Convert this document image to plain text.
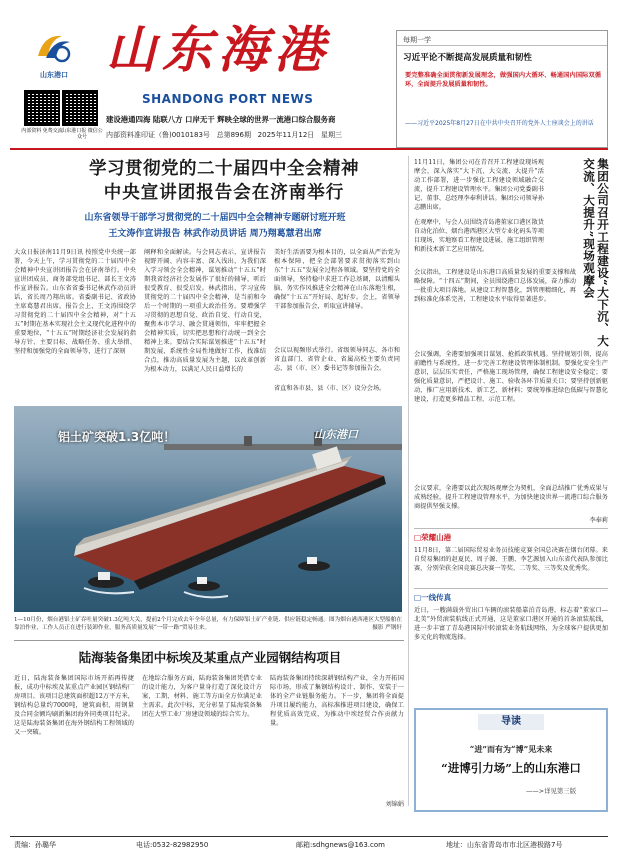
山东港口 山东海港
SHANDONG PORT NEWS
内部资料 免费交流
山东港口报 微信公众号
建设港通四海 陆联八方 口岸无干 辉映全球的世界一流港口综合服务商
内部资料准印证（鲁)0010183号 总第896期 2025年11月12日 星期三
每期一学
习近平论不断提高发展质量和韧性
要完整准确全面贯彻新发展理念，做强国内大循环、畅通国内国际双循环，全面提升发展质量和韧性。
——习近平2025年8月27日在中共中央召开的党外人士座谈会上的讲话
学习贯彻党的二十届四中全会精神
中央宣讲团报告会在济南举行
山东省领导干部学习贯彻党的二十届四中全会精神专题研讨班开班
王文涛作宣讲报告 林武作动员讲话 周乃翔葛慧君出席
大众日报济南11月9日讯 按照党中央统一部署，今天上午，学习贯彻党的二十届四中全会精神中央宣讲团报告会在济南举行。中央宣讲团成员、商务部党组书记、部长王文涛作宣讲报告。山东省省委书记林武作动员讲话，省长周乃翔出席。省委副书记、省政协主席葛慧君出席。报告会上，王文涛围绕学习贯彻党的二十届四中全会精神，对“十五五”时期在基本实现社会主义现代化进程中的重要地位，“十五五”时期经济社会发展的指导方针、主要目标、战略任务、重大举措、坚持和加强党的全面领导等，进行了深刻
阐释和全面解读。与会同志表示，宣讲报告视野开阔、内容丰富、深入浅出，为我们深入学习领会全会精神，谋划推动“十五五”时期我省经济社会发展作了很好的辅导，听后很受教育、很受启发。林武指出，学习宣传贯彻党的二十届四中全会精神，是当前和今后一个时期的一项重大政治任务。要增强学习贯彻的思想自觉、政治自觉、行动自觉，聚焦本市学习、融会贯通领悟，牢牢把握全会精神实质，切实把思想和行动统一到全会精神上来。要结合实际谋划推进“十五五”时期发展，系统性全局性地做好工作，找准结合点，推动高质量发展为主题，以改革创新为根本动力，以满足人民日益增长的
美好生活需要为根本目的，以全面从严治党为根本保障，把全会部署要求贯彻落实到山东“十五五”发展全过程各领域。要坚持党的全面领导，坚持稳中求进工作总基调，以清醒头脑、务实作风推进全会精神在山东落地生根，确保“十五五”开好局、起好步。会上，省领导干部参加报告会，听取宣讲辅导。
会议以视频形式举行。省级领导同志、各市和省直部门、省管企业、省属高校主要负责同志，县（市、区）委书记等参加报告会。
省直和各市县，县（市、区）设分会场。
铝土矿突破1.3亿吨！	山东港口
1—10月份，烟台港铝土矿吞吐量突破1.3亿吨大关，提前2个月完成去年全年总量，有力保障铝土矿产业链、供应链稳定畅通。图为烟台港西港区大型船舶在靠泊作业，工作人员正在进行装卸作业，服务高质量发展“一带一路”贸易往来。	摄影 严钢轩
集团公司召开工程建设“大下沉、大交流、大提升”现场观摩会
11月11日，集团公司在青召开工程建设现场观摩会，深入落实“大下沉、大交流、大提升”活动工作部署，进一步强化工程建设领域融合交流，提升工程建设管理水平。集团公司党委副书记、董事、总经理李奉利讲话。集团公司领导孙志鹏出席。
在观摩中，与会人员围绕青岛港董家口港区散货自动化泊位、烟台港西港区大型专业化码头等项目现场，实地察看工程建设进展、施工组织管理和新技术新工艺应用情况。
会议指出，工程建设是山东港口高质量发展的重要支撑和战略保障。“十四五”期间，全员围绕港口总体发展，奋力推动一批重大项目落地。从建设工程智慧化，到管理精细化，再到标准化体系完善，工程建设水平取得显著进步。
会议强调，全港要加强项目谋划、抢抓政策机遇。坚持规划引领，提高前瞻性与系统性，进一步完善工程建设管理体制机制。要强化安全生产意识，层层压实责任，严格施工现场管理，确保工程建设安全稳定；要强化质量意识，严把设计、施工、验收各环节质量关口；要坚持创新驱动，推广应用新技术、新工艺、新材料；要统筹推进绿色低碳与智慧化建设，打造更多精品工程、示范工程。
会议要求，全港要以此次现场观摩会为契机，全面总结推广优秀成果与成熟经验，提升工程建设管理水平，为加快建设世界一流港口综合服务商提供坚强支撑。
李奉莉
□荣耀山港
11月8日，第二届国际贸易业务员技能竞赛全国总决赛在烟台闭幕。来自贸易集团的赵夏民、周子源、王鹏、李艺源加入山东省代表队参加比赛，分别荣获全国竞赛总决赛一等奖、二等奖、三等奖及优秀奖。
□一线传真
近日，一艘满载外贸出口车辆的滚装船靠泊青岛港，标志着“董家口—北美”外贸滚装航线正式开通，这是董家口港区开通的首条滚装航线，进一步丰富了青岛港国际中转滚装业务航线网络，为全球客户提供更加多元化的物流选择。
陆海装备集团中标埃及某重点产业园钢结构项目
近日，陆海装备集团国际市场开拓再传捷报，成功中标埃及某重点产业园区钢结构厂房项目。该项目总建筑面积超12万平方米，钢结构总量约7000吨，建筑面积、用钢量及合同金额均刷新集团海外同类项目纪录。这是陆海装备集团在海外钢结构工程领域的又一突破。
在地综合服务方面，陆海装备集团凭借专业的设计能力，为客户量身打造了深化设计方案，工期、材料、施工等方面全方位满足业主需求。此次中标，充分彰显了陆海装备集团在大型工业厂房建设领域的综合实力。
陆海装备集团持续深耕钢结构产业，全力开拓国际市场，形成了集钢结构设计、制作、安装于一体的全产业链服务能力。下一步，集团将全面提升项目履约能力，高标准推进项目建设，确保工程优质高效完成，为推动中埃经贸合作贡献力量。
刘锦娟
导读
“进”而有为“博”见未来
“进博引力场”上的山东港口
——>详见第三版
责编：孙璐华	电话:0532-82982950	邮箱:sdhgnews@163.com	地址：山东省青岛市市北区港极路7号
